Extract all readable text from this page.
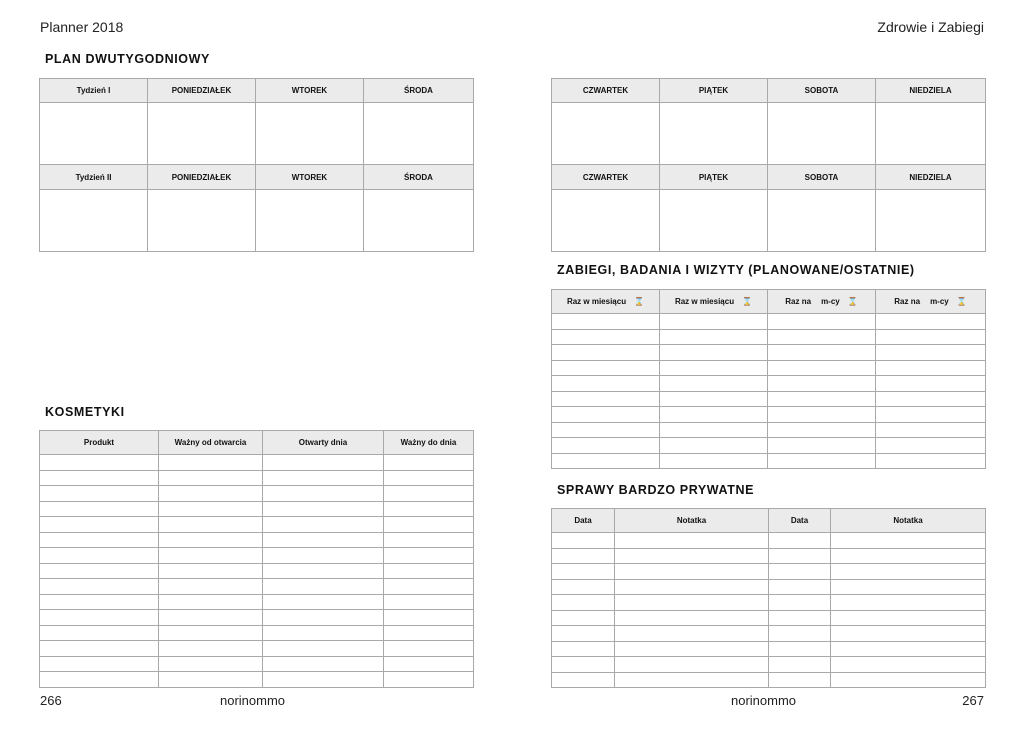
Planner 2018	Zdrowie i Zabiegi
PLAN DWUTYGODNIOWY
Tydzień I	PONIEDZIAŁEK	WTOREK	ŚRODA

Tydzień II	PONIEDZIAŁEK	WTOREK	ŚRODA

CZWARTEK	PIĄTEK	SOBOTA	NIEDZIELA

CZWARTEK	PIĄTEK	SOBOTA	NIEDZIELA

ZABIEGI, BADANIA I WIZYTY (PLANOWANE/OSTATNIE)
Raz w miesiącu ⌛	Raz w miesiącu ⌛	Raz na m-cy ⌛	Raz na m-cy ⌛

KOSMETYKI
Produkt	Ważny od otwarcia	Otwarty dnia	Ważny do dnia

SPRAWY BARDZO PRYWATNE
Data	Notatka	Data	Notatka

266	norinommo	norinommo	267
